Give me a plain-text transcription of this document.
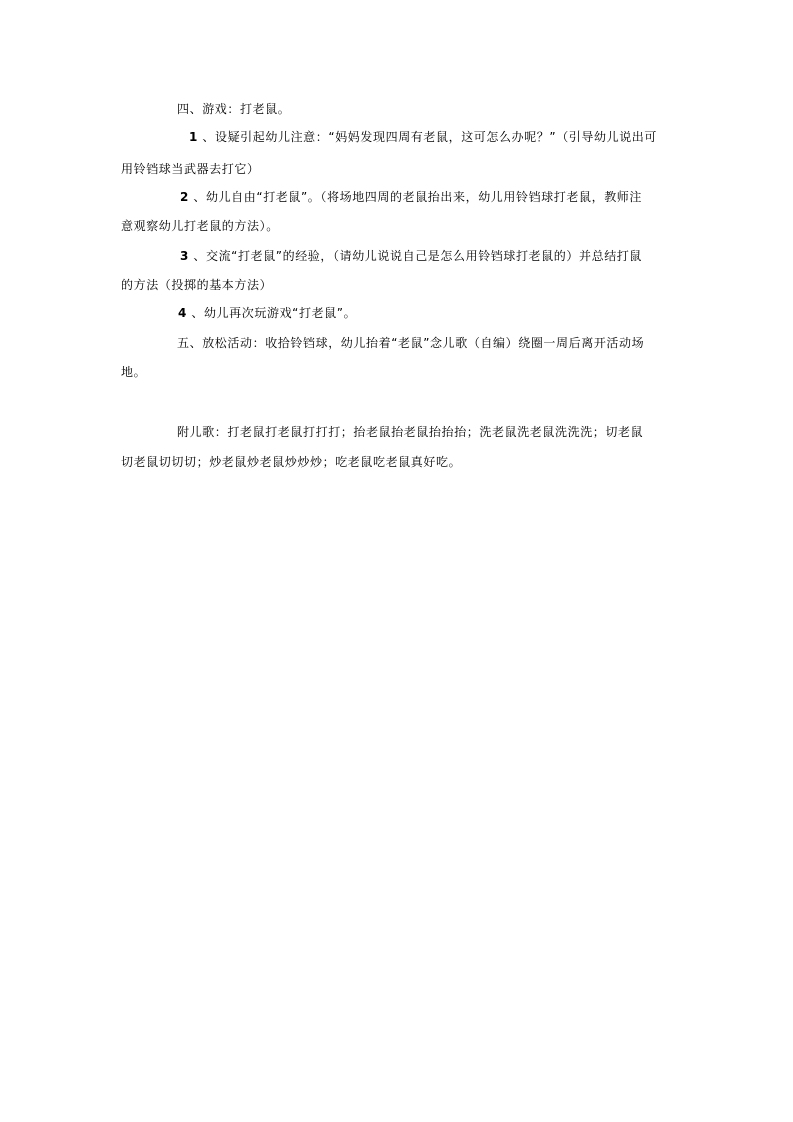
四、游戏：打老鼠。
1 、设疑引起幼儿注意：“妈妈发现四周有老鼠，这可怎么办呢？”（引导幼儿说出可
用铃铛球当武器去打它）
2 、幼儿自由“打老鼠”。（将场地四周的老鼠抬出来，幼儿用铃铛球打老鼠，教师注
意观察幼儿打老鼠的方法）。
3 、交流“打老鼠”的经验，（请幼儿说说自己是怎么用铃铛球打老鼠的）并总结打鼠
的方法（投掷的基本方法）
4 、幼儿再次玩游戏“打老鼠”。
五、放松活动：收拾铃铛球，幼儿抬着“老鼠”念儿歌（自编）绕圈一周后离开活动场
地。
附儿歌：打老鼠打老鼠打打打；抬老鼠抬老鼠抬抬抬；洗老鼠洗老鼠洗洗洗；切老鼠
切老鼠切切切；炒老鼠炒老鼠炒炒炒；吃老鼠吃老鼠真好吃。
